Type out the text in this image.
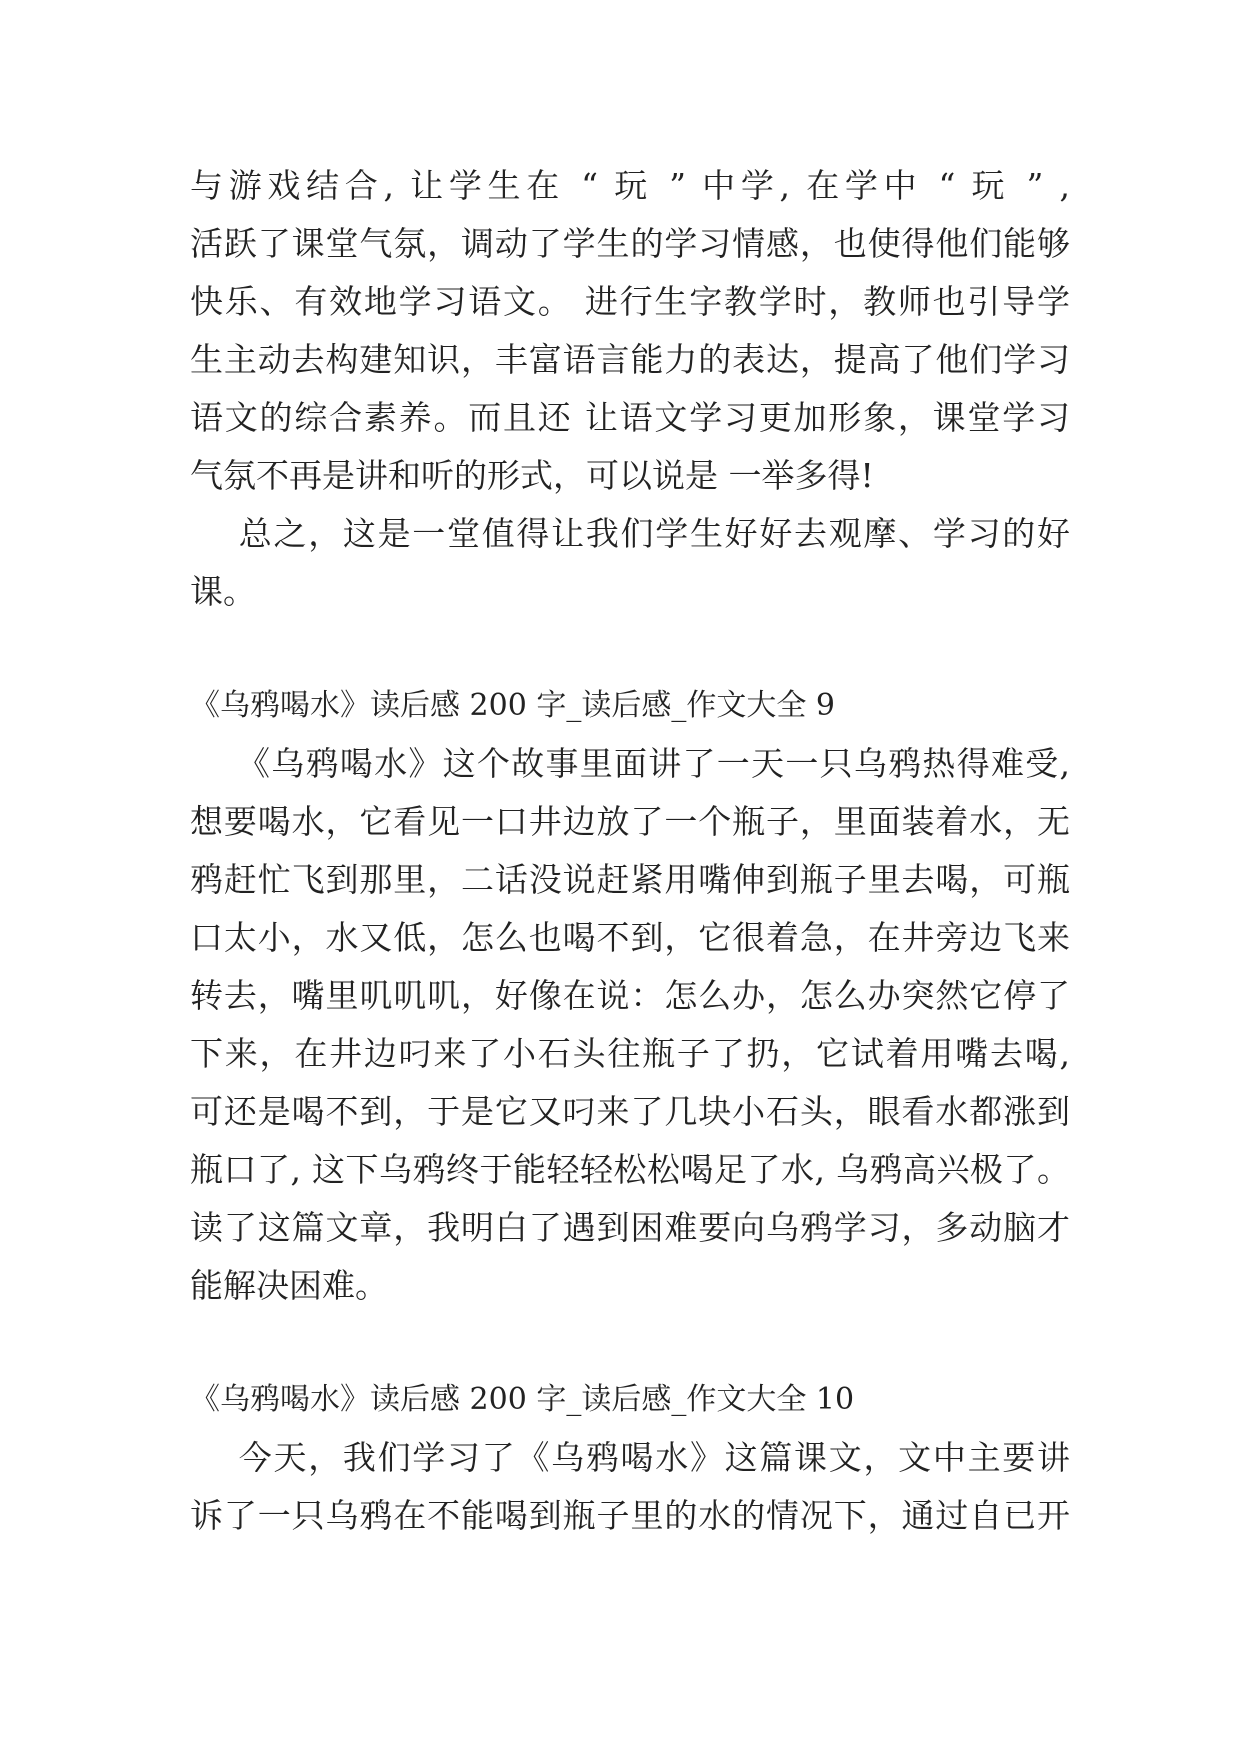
与游戏结合, 让学生在 “ 玩 ” 中学, 在学中 “ 玩 ” ,
活跃了课堂气氛，调动了学生的学习情感，也使得他们能够
快乐、有效地学习语文。 进行生字教学时，教师也引导学
生主动去构建知识，丰富语言能力的表达，提高了他们学习
语文的综合素养。而且还 让语文学习更加形象，课堂学习
气氛不再是讲和听的形式，可以说是 一举多得!
总之，这是一堂值得让我们学生好好去观摩、学习的好
课。
《乌鸦喝水》读后感 200 字_读后感_作文大全 9
《乌鸦喝水》这个故事里面讲了一天一只乌鸦热得难受,
想要喝水，它看见一口井边放了一个瓶子，里面装着水，无
鸦赶忙飞到那里，二话没说赶紧用嘴伸到瓶子里去喝，可瓶
口太小，水又低，怎么也喝不到，它很着急，在井旁边飞来
转去，嘴里叽叽叽，好像在说：怎么办，怎么办突然它停了
下来，在井边叼来了小石头往瓶子了扔，它试着用嘴去喝,
可还是喝不到，于是它又叼来了几块小石头，眼看水都涨到
瓶口了, 这下乌鸦终于能轻轻松松喝足了水, 乌鸦高兴极了。
读了这篇文章，我明白了遇到困难要向乌鸦学习，多动脑才
能解决困难。
《乌鸦喝水》读后感 200 字_读后感_作文大全 10
今天，我们学习了《乌鸦喝水》这篇课文，文中主要讲
诉了一只乌鸦在不能喝到瓶子里的水的情况下，通过自已开
